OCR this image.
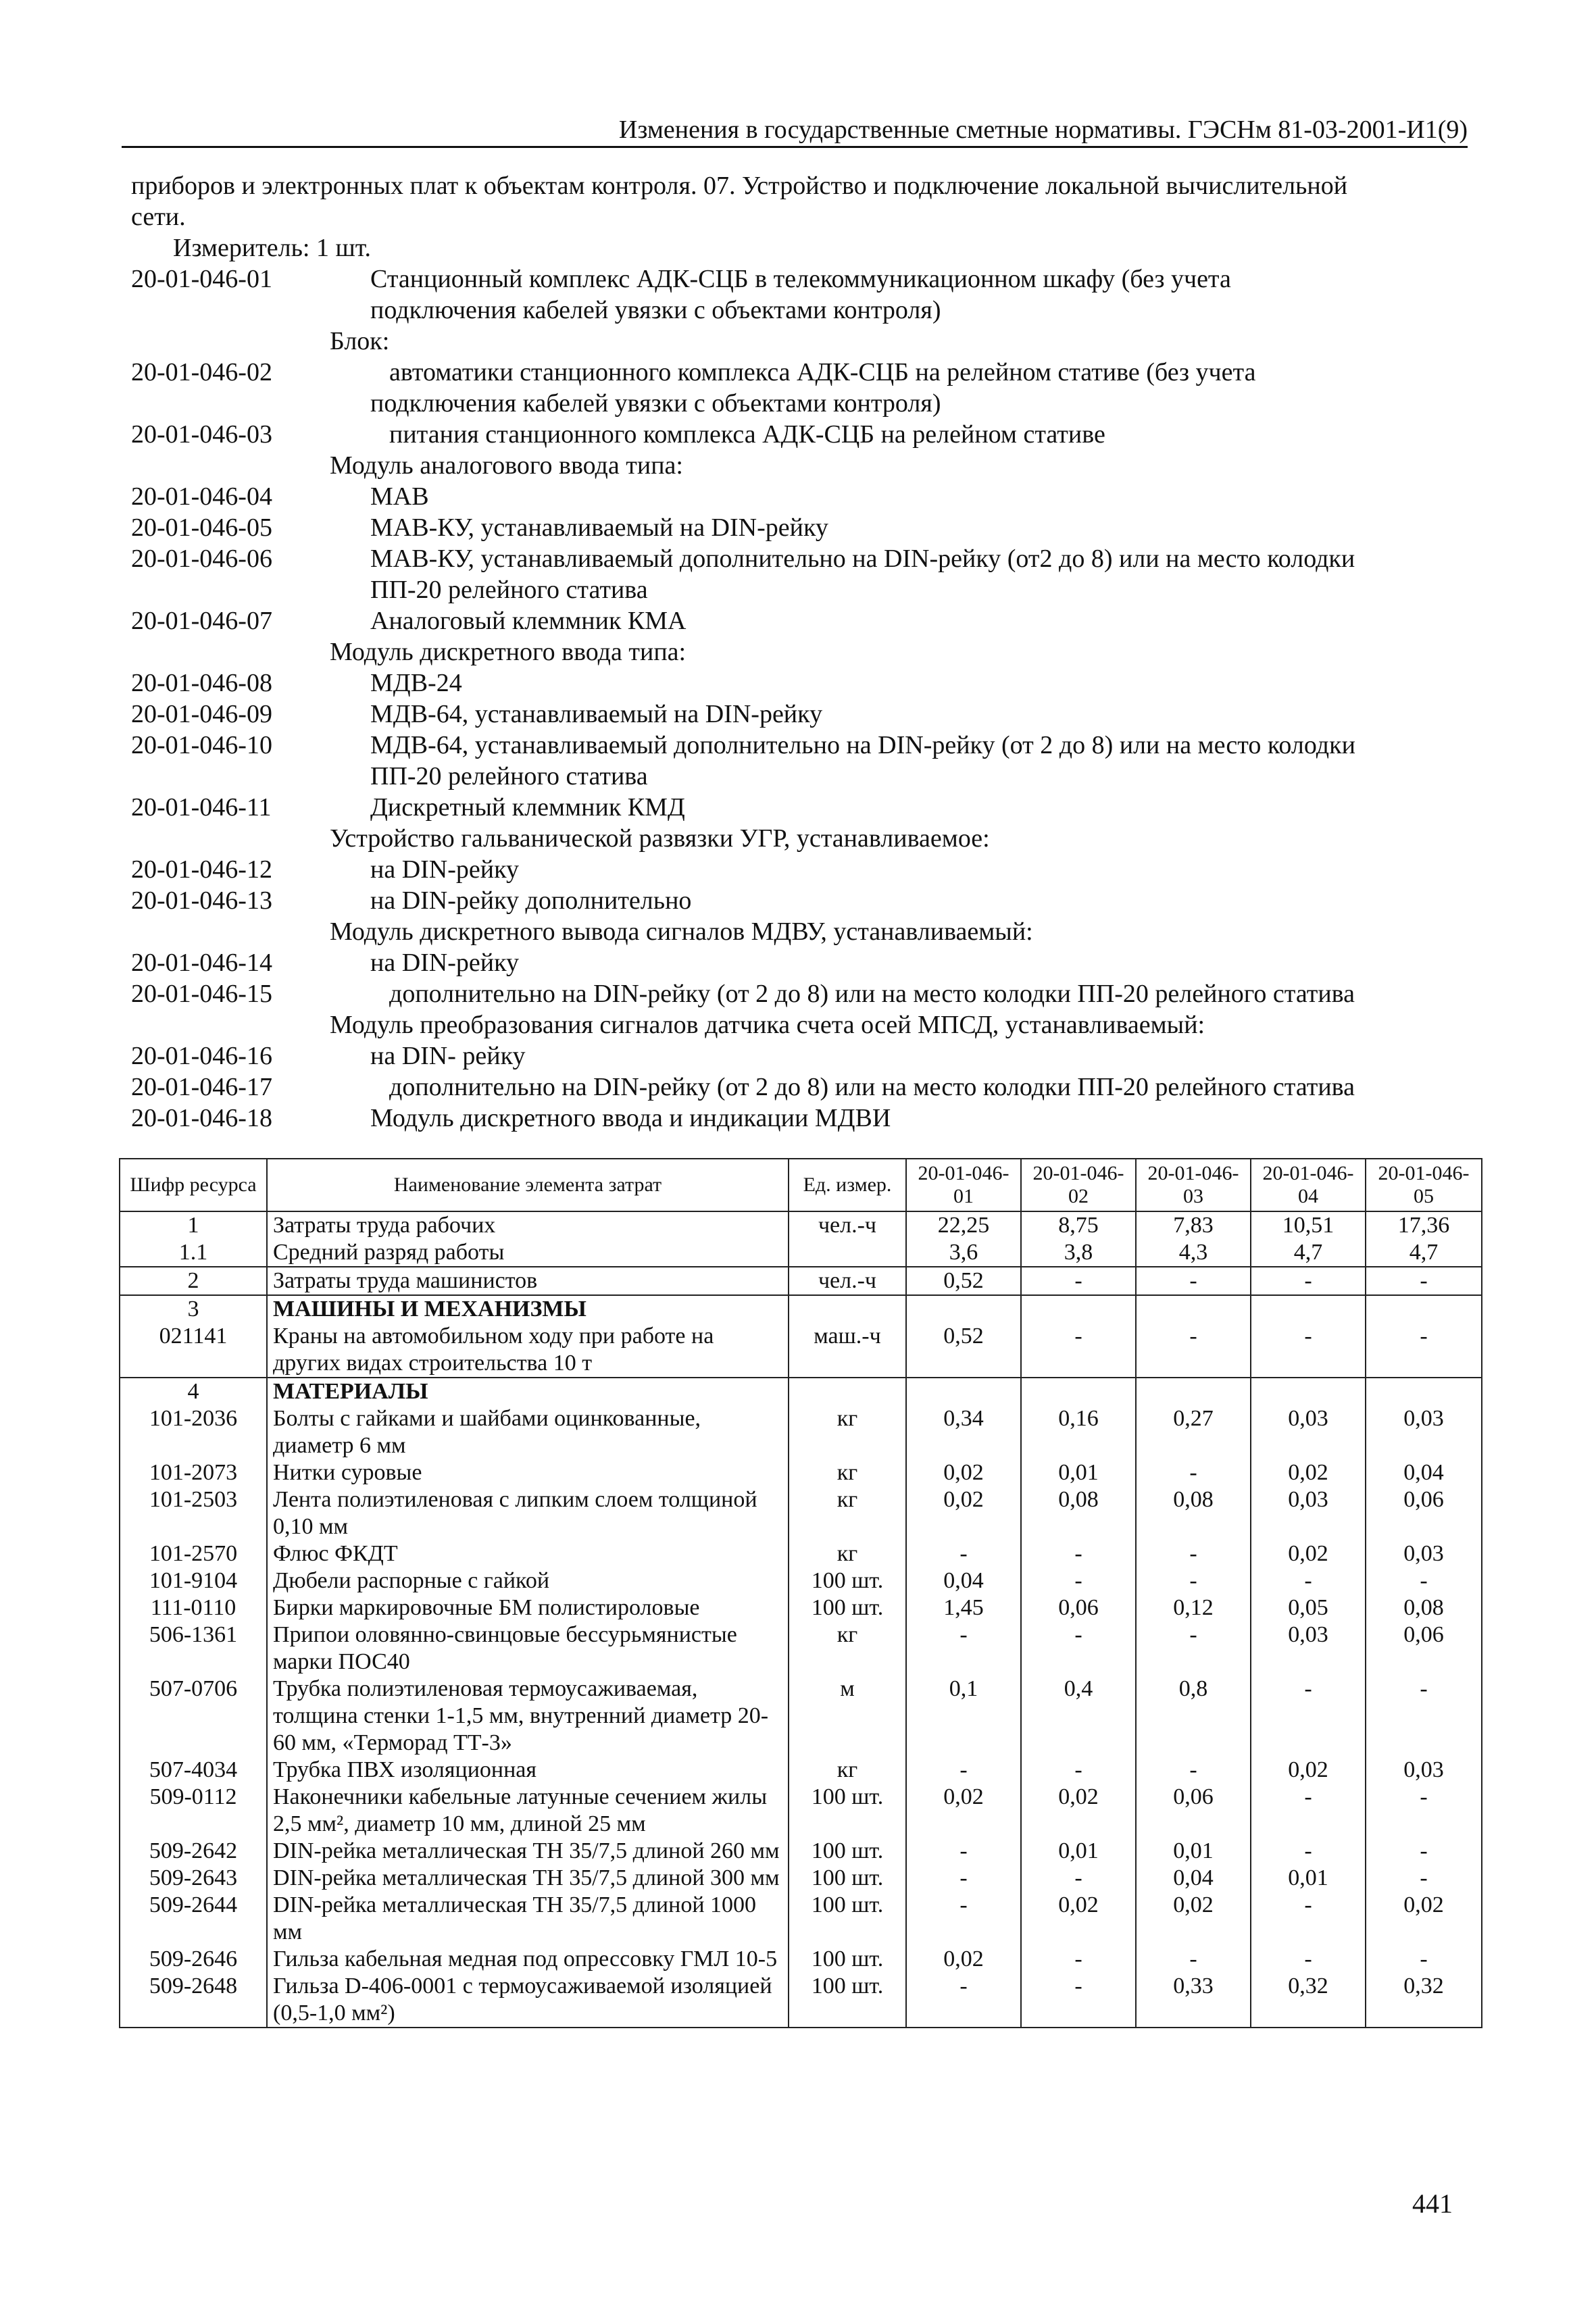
Изменения в государственные сметные нормативы. ГЭСНм 81-03-2001-И1(9)
приборов и электронных плат к объектам контроля. 07. Устройство и подключение локальной вычислительной
сети.
Измеритель: 1 шт.
20-01-046-01	Станционный комплекс АДК-СЦБ в телекоммуникационном шкафу (без учета
подключения кабелей увязки с объектами контроля)
Блок:
20-01-046-02	автоматики станционного комплекса АДК-СЦБ на релейном стативе (без учета
подключения кабелей увязки с объектами контроля)
20-01-046-03	питания станционного комплекса АДК-СЦБ на релейном стативе
Модуль аналогового ввода типа:
20-01-046-04	МАВ
20-01-046-05	МАВ-КУ, устанавливаемый на DIN-рейку
20-01-046-06	МАВ-КУ, устанавливаемый дополнительно на DIN-рейку (от2 до 8) или на место колодки
ПП-20 релейного статива
20-01-046-07	Аналоговый клеммник КМА
Модуль дискретного ввода типа:
20-01-046-08	МДВ-24
20-01-046-09	МДВ-64, устанавливаемый на DIN-рейку
20-01-046-10	МДВ-64, устанавливаемый дополнительно на DIN-рейку (от 2 до 8) или на место колодки
ПП-20 релейного статива
20-01-046-11	Дискретный клеммник КМД
Устройство гальванической развязки УГР, устанавливаемое:
20-01-046-12	на DIN-рейку
20-01-046-13	на DIN-рейку дополнительно
Модуль дискретного вывода сигналов МДВУ, устанавливаемый:
20-01-046-14	на DIN-рейку
20-01-046-15	дополнительно на DIN-рейку (от 2 до 8) или на место колодки ПП-20 релейного статива
Модуль преобразования сигналов датчика счета осей МПСД, устанавливаемый:
20-01-046-16	на DIN- рейку
20-01-046-17	дополнительно на DIN-рейку (от 2 до 8) или на место колодки ПП-20 релейного статива
20-01-046-18	Модуль дискретного ввода и индикации МДВИ
Шифр ресурса	Наименование элемента затрат	Ед. измер.	20-01-046-01	20-01-046-02	20-01-046-03	20-01-046-04	20-01-046-05
1	Затраты труда рабочих	чел.-ч	22,25	8,75	7,83	10,51	17,36
1.1	Средний разряд работы		3,6	3,8	4,3	4,7	4,7
2	Затраты труда машинистов	чел.-ч	0,52	-	-	-	-
3	МАШИНЫ И МЕХАНИЗМЫ						
021141	Краны на автомобильном ходу при работе на других видах строительства 10 т	маш.-ч	0,52	-	-	-	-
4	МАТЕРИАЛЫ						
101-2036	Болты с гайками и шайбами оцинкованные, диаметр 6 мм	кг	0,34	0,16	0,27	0,03	0,03
101-2073	Нитки суровые	кг	0,02	0,01	-	0,02	0,04
101-2503	Лента полиэтиленовая с липким слоем толщиной 0,10 мм	кг	0,02	0,08	0,08	0,03	0,06
101-2570	Флюс ФКДТ	кг	-	-	-	0,02	0,03
101-9104	Дюбели распорные с гайкой	100 шт.	0,04	-	-	-	-
111-0110	Бирки маркировочные БМ полистироловые	100 шт.	1,45	0,06	0,12	0,05	0,08
506-1361	Припои оловянно-свинцовые бессурьмянистые марки ПОС40	кг	-	-	-	0,03	0,06
507-0706	Трубка полиэтиленовая термоусаживаемая, толщина стенки 1-1,5 мм, внутренний диаметр 20-60 мм, «Терморад ТТ-3»	м	0,1	0,4	0,8	-	-
507-4034	Трубка ПВХ изоляционная	кг	-	-	-	0,02	0,03
509-0112	Наконечники кабельные латунные сечением жилы 2,5 мм², диаметр 10 мм, длиной 25 мм	100 шт.	0,02	0,02	0,06	-	-
509-2642	DIN-рейка металлическая ТН 35/7,5 длиной 260 мм	100 шт.	-	0,01	0,01	-	-
509-2643	DIN-рейка металлическая ТН 35/7,5 длиной 300 мм	100 шт.	-	-	0,04	0,01	-
509-2644	DIN-рейка металлическая ТН 35/7,5 длиной 1000 мм	100 шт.	-	0,02	0,02	-	0,02
509-2646	Гильза кабельная медная под опрессовку ГМЛ 10-5	100 шт.	0,02	-	-	-	-
509-2648	Гильза D-406-0001 с термоусаживаемой изоляцией (0,5-1,0 мм²)	100 шт.	-	-	0,33	0,32	0,32
441
